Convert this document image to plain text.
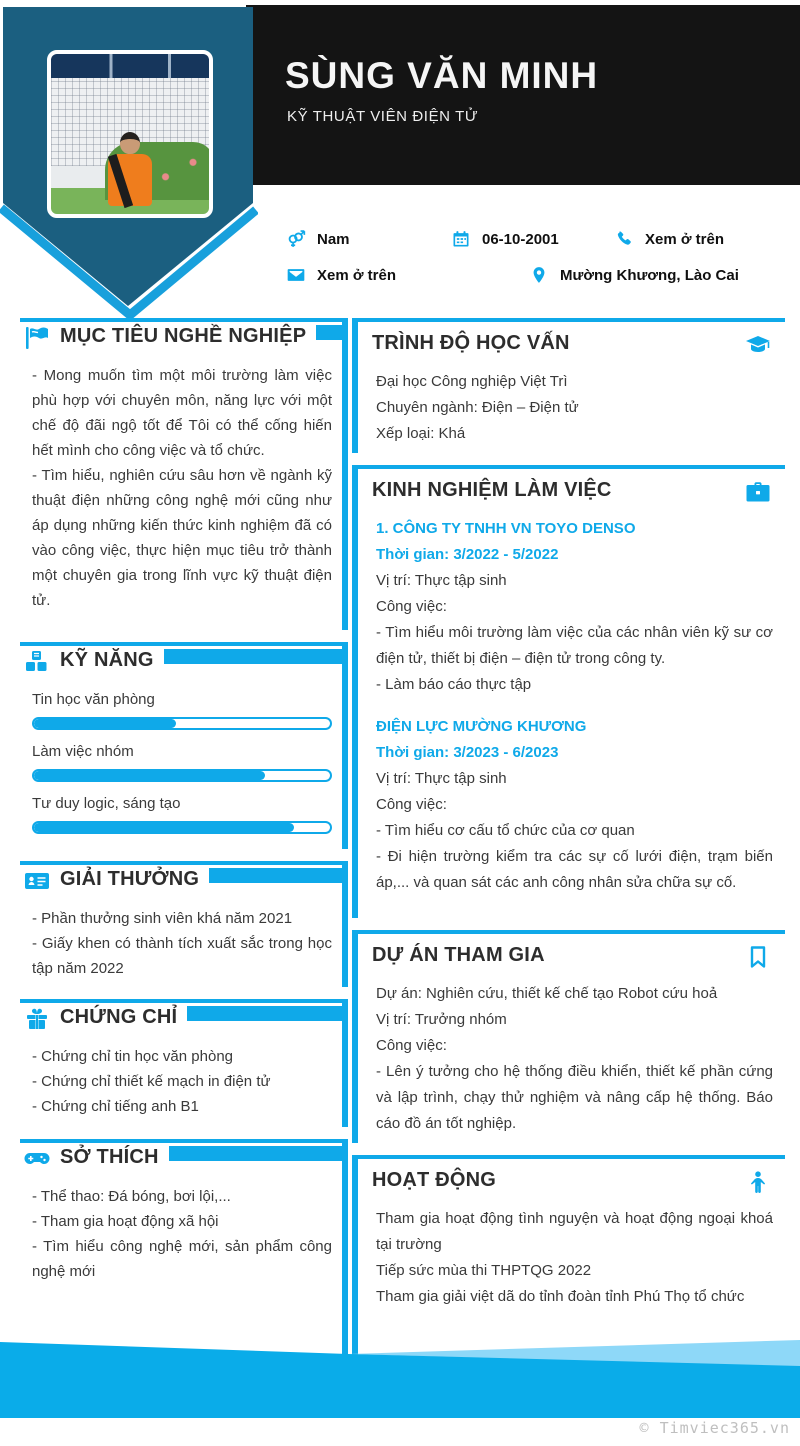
SÙNG VĂN MINH
KỸ THUẬT VIÊN ĐIỆN TỬ
Nam	06-10-2001	Xem ở trên
Xem ở trên	Mường Khương, Lào Cai
MỤC TIÊU NGHỀ NGHIỆP
- Mong muốn tìm một môi trường làm việc phù hợp với chuyên môn, năng lực với một chế độ đãi ngộ tốt để Tôi có thể cống hiến hết mình cho công việc và tổ chức.
- Tìm hiểu, nghiên cứu sâu hơn về ngành kỹ thuật điện những công nghệ mới cũng như áp dụng những kiến thức kinh nghiệm đã có vào công việc, thực hiện mục tiêu trở thành một chuyên gia trong lĩnh vực kỹ thuật điện tử.
KỸ NĂNG
Tin học văn phòng
Làm việc nhóm
Tư duy logic, sáng tạo
GIẢI THƯỞNG
- Phần thưởng sinh viên khá năm 2021
- Giấy khen có thành tích xuất sắc trong học tập năm 2022
CHỨNG CHỈ
- Chứng chỉ tin học văn phòng
- Chứng chỉ thiết kế mạch in điện tử
- Chứng chỉ tiếng anh B1
SỞ THÍCH
- Thể thao: Đá bóng, bơi lội,...
- Tham gia hoạt động xã hội
- Tìm hiểu công nghệ mới, sản phẩm công nghệ mới
TRÌNH ĐỘ HỌC VẤN
Đại học Công nghiệp Việt Trì
Chuyên ngành: Điện – Điện tử
Xếp loại: Khá
KINH NGHIỆM LÀM VIỆC
1. CÔNG TY TNHH VN TOYO DENSO
Thời gian: 3/2022 - 5/2022
Vị trí: Thực tập sinh
Công việc:
- Tìm hiểu môi trường làm việc của các nhân viên kỹ sư cơ điện tử, thiết bị điện – điện tử trong công ty.
- Làm báo cáo thực tập
ĐIỆN LỰC MƯỜNG KHƯƠNG
Thời gian: 3/2023 - 6/2023
Vị trí: Thực tập sinh
Công việc:
- Tìm hiểu cơ cấu tổ chức của cơ quan
- Đi hiện trường kiểm tra các sự cố lưới điện, trạm biến áp,... và quan sát các anh công nhân sửa chữa sự cố.
DỰ ÁN THAM GIA
Dự án: Nghiên cứu, thiết kế chế tạo Robot cứu hoả
Vị trí: Trưởng nhóm
Công việc:
- Lên ý tưởng cho hệ thống điều khiển, thiết kế phần cứng và lập trình, chạy thử nghiệm và nâng cấp hệ thống. Báo cáo đồ án tốt nghiệp.
HOẠT ĐỘNG
Tham gia hoạt động tình nguyện và hoạt động ngoại khoá tại trường
Tiếp sức mùa thi THPTQG 2022
Tham gia giải việt dã do tỉnh đoàn tỉnh Phú Thọ tổ chức
© Timviec365.vn
